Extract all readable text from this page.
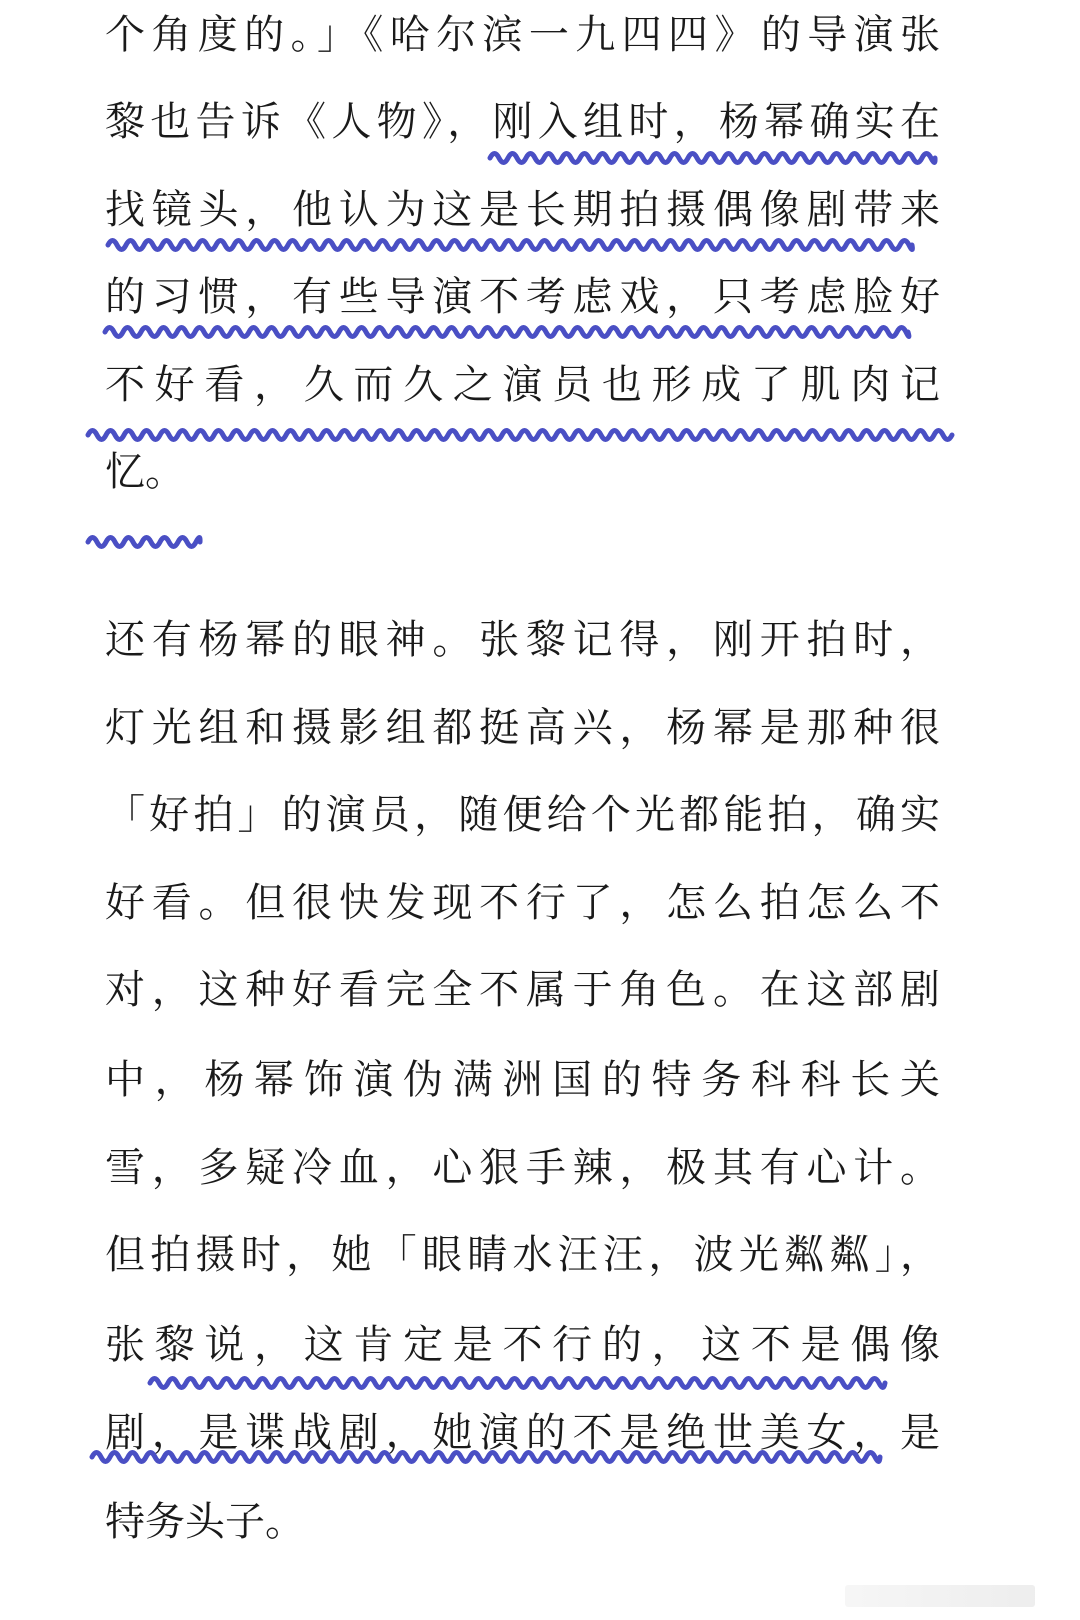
个角度的。」《哈尔滨一九四四》的导演张
黎也告诉《人物》，刚入组时，杨幂确实在
找镜头，他认为这是长期拍摄偶像剧带来
的习惯，有些导演不考虑戏，只考虑脸好
不好看，久而久之演员也形成了肌肉记
忆。
还有杨幂的眼神。张黎记得，刚开拍时，
灯光组和摄影组都挺高兴，杨幂是那种很
「好拍」的演员，随便给个光都能拍，确实
好看。但很快发现不行了，怎么拍怎么不
对，这种好看完全不属于角色。在这部剧
中，杨幂饰演伪满洲国的特务科科长关
雪，多疑冷血，心狠手辣，极其有心计。
但拍摄时，她「眼睛水汪汪，波光粼粼」，
张黎说，这肯定是不行的，这不是偶像
剧，是谍战剧，她演的不是绝世美女，是
特务头子。
